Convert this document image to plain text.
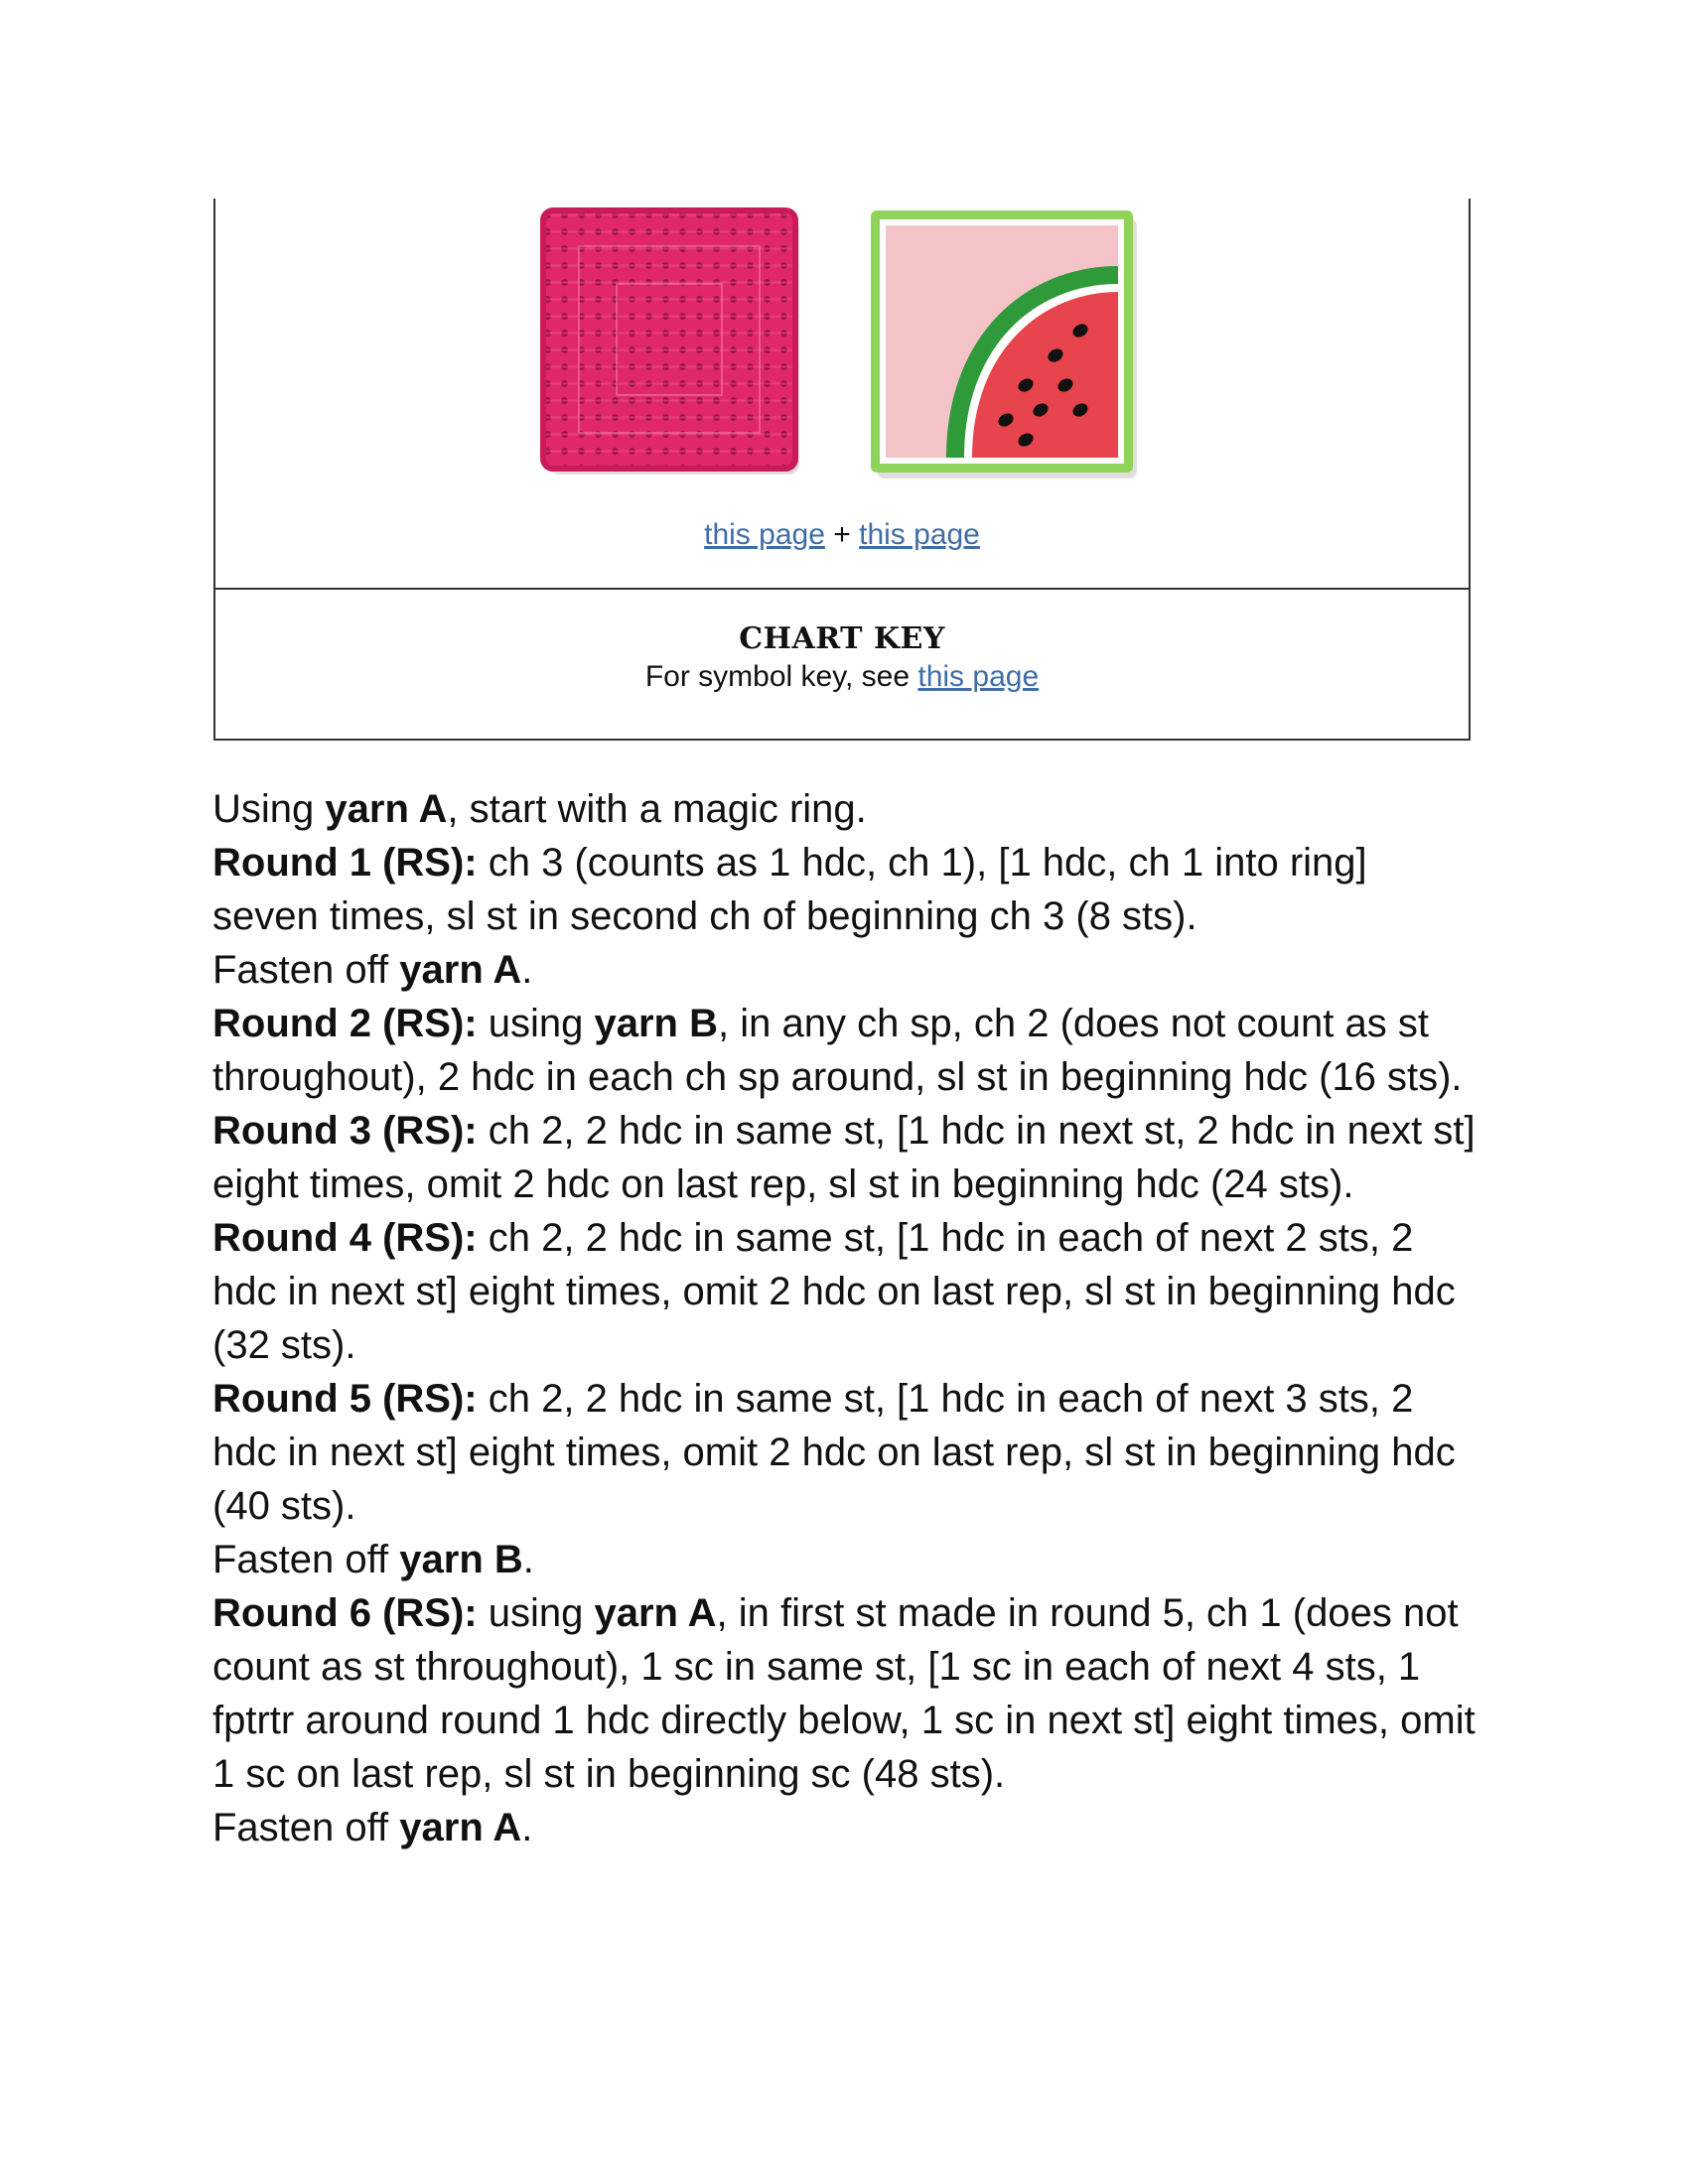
this page + this page
CHART KEY
For symbol key, see this page

Using yarn A, start with a magic ring.

Round 1 (RS): ch 3 (counts as 1 hdc, ch 1), [1 hdc, ch 1 into ring] seven times, sl st in second ch of beginning ch 3 (8 sts).

Fasten off yarn A.

Round 2 (RS): using yarn B, in any ch sp, ch 2 (does not count as st throughout), 2 hdc in each ch sp around, sl st in beginning hdc (16 sts).

Round 3 (RS): ch 2, 2 hdc in same st, [1 hdc in next st, 2 hdc in next st] eight times, omit 2 hdc on last rep, sl st in beginning hdc (24 sts).

Round 4 (RS): ch 2, 2 hdc in same st, [1 hdc in each of next 2 sts, 2 hdc in next st] eight times, omit 2 hdc on last rep, sl st in beginning hdc (32 sts).

Round 5 (RS): ch 2, 2 hdc in same st, [1 hdc in each of next 3 sts, 2 hdc in next st] eight times, omit 2 hdc on last rep, sl st in beginning hdc (40 sts).

Fasten off yarn B.

Round 6 (RS): using yarn A, in first st made in round 5, ch 1 (does not count as st throughout), 1 sc in same st, [1 sc in each of next 4 sts, 1 fptrtr around round 1 hdc directly below, 1 sc in next st] eight times, omit 1 sc on last rep, sl st in beginning sc (48 sts).

Fasten off yarn A.
